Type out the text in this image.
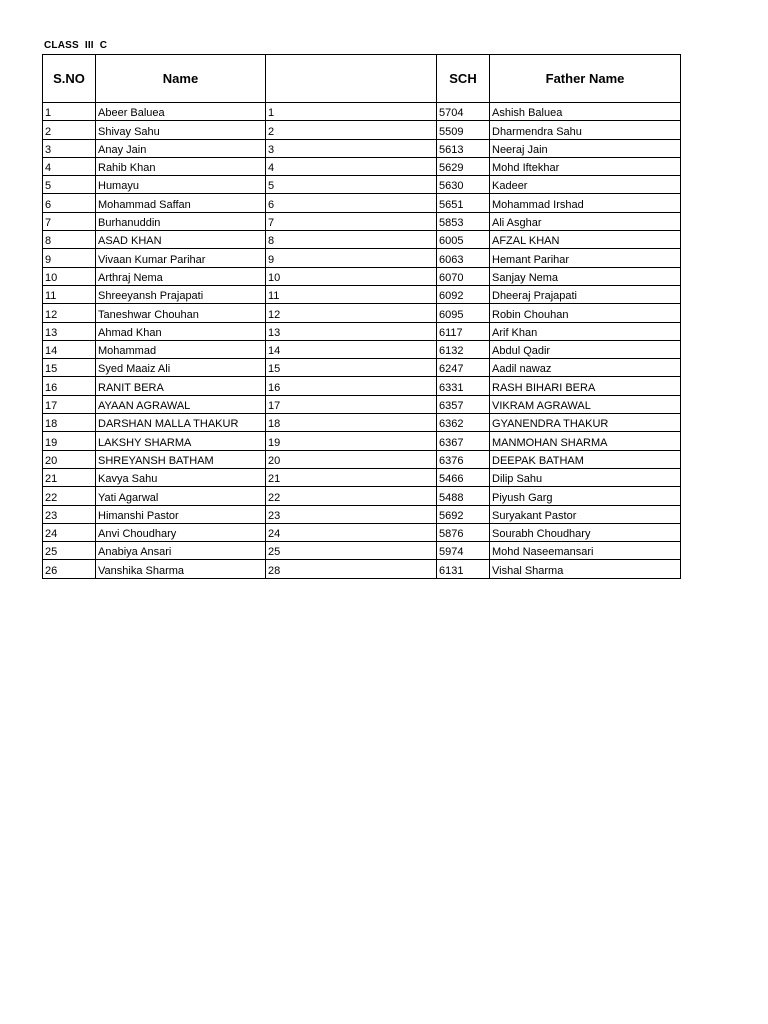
CLASS  III  C
S.NO	Name		SCH	Father Name
1	Abeer Baluea	1	5704	Ashish Baluea
2	Shivay Sahu	2	5509	Dharmendra Sahu
3	Anay Jain	3	5613	Neeraj Jain
4	Rahib Khan	4	5629	Mohd Iftekhar
5	Humayu	5	5630	Kadeer
6	Mohammad Saffan	6	5651	Mohammad Irshad
7	Burhanuddin	7	5853	Ali Asghar
8	ASAD KHAN	8	6005	AFZAL KHAN
9	Vivaan Kumar Parihar	9	6063	Hemant Parihar
10	Arthraj Nema	10	6070	Sanjay Nema
11	Shreeyansh Prajapati	11	6092	Dheeraj Prajapati
12	Taneshwar Chouhan	12	6095	Robin Chouhan
13	Ahmad Khan	13	6117	Arif Khan
14	Mohammad	14	6132	Abdul Qadir
15	Syed Maaiz Ali	15	6247	Aadil nawaz
16	RANIT BERA	16	6331	RASH BIHARI BERA
17	AYAAN AGRAWAL	17	6357	VIKRAM AGRAWAL
18	DARSHAN MALLA THAKUR	18	6362	GYANENDRA THAKUR
19	LAKSHY SHARMA	19	6367	MANMOHAN SHARMA
20	SHREYANSH BATHAM	20	6376	DEEPAK BATHAM
21	Kavya Sahu	21	5466	Dilip Sahu
22	Yati Agarwal	22	5488	Piyush Garg
23	Himanshi Pastor	23	5692	Suryakant Pastor
24	Anvi Choudhary	24	5876	Sourabh Choudhary
25	Anabiya Ansari	25	5974	Mohd Naseemansari
26	Vanshika Sharma	28	6131	Vishal Sharma
